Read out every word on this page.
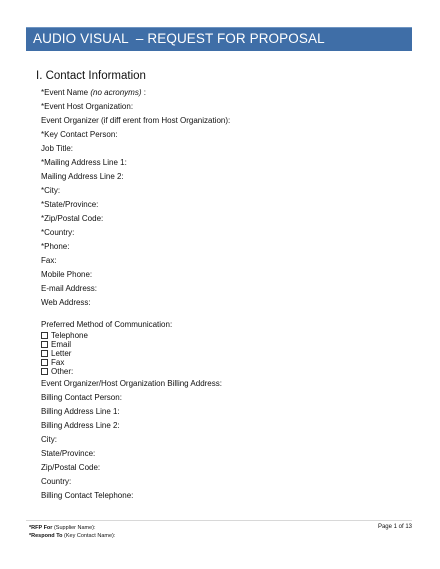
AUDIO VISUAL  – REQUEST FOR PROPOSAL
I. Contact Information
*Event Name (no acronyms) :
*Event Host Organization:
Event Organizer (if diff erent from Host Organization):
*Key Contact Person:
Job Title:
*Mailing Address Line 1:
Mailing Address Line 2:
*City:
*State/Province:
*Zip/Postal Code:
*Country:
*Phone:
Fax:
Mobile Phone:
E-mail Address:
Web Address:
Preferred Method of Communication:
Telephone
Email
Letter
Fax
Other:
Event Organizer/Host Organization Billing Address:
Billing Contact Person:
Billing Address Line 1:
Billing Address Line 2:
City:
State/Province:
Zip/Postal Code:
Country:
Billing Contact Telephone:
*RFP For (Supplier Name):
*Respond To (Key Contact Name):
Page 1 of 13
